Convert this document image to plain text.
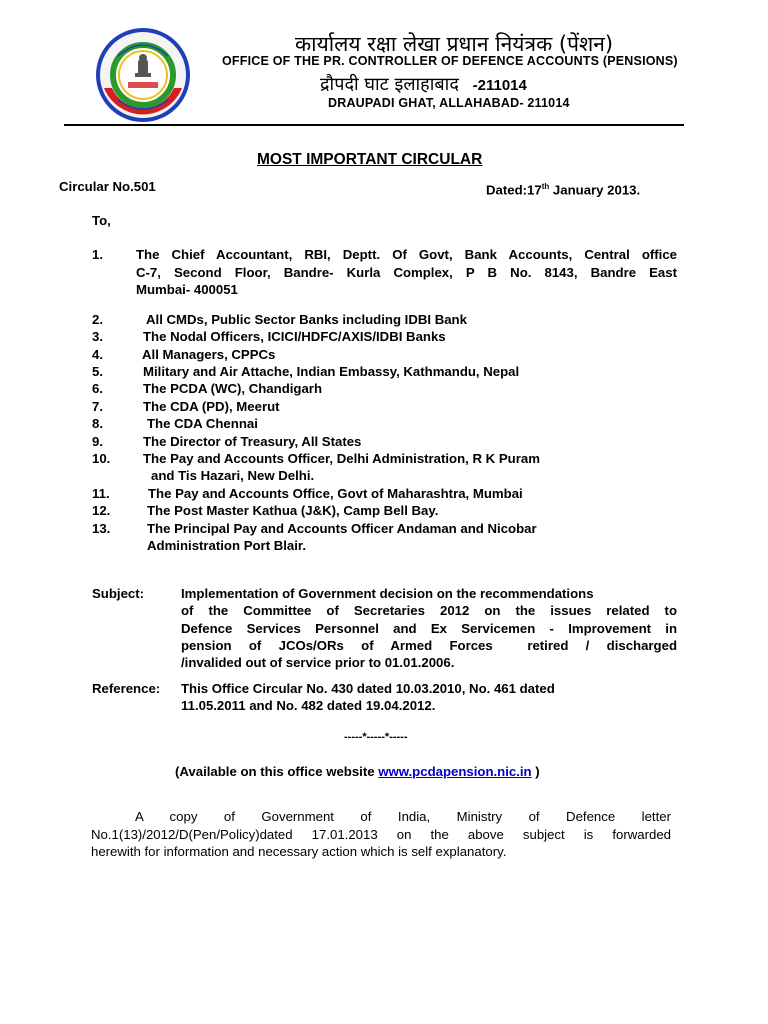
कार्यालय रक्षा लेखा प्रधान नियंत्रक (पेंशन)
OFFICE OF THE PR. CONTROLLER OF DEFENCE ACCOUNTS (PENSIONS)
द्रौपदी घाट इलाहाबाद -211014
DRAUPADI GHAT, ALLAHABAD- 211014
MOST IMPORTANT CIRCULAR
Circular No.501	Dated:17th January 2013.
To,
1.	The Chief Accountant, RBI, Deptt. Of Govt, Bank Accounts, Central office
C-7, Second Floor, Bandre- Kurla Complex, P B No. 8143, Bandre East
Mumbai- 400051
2.	All CMDs, Public Sector Banks including IDBI Bank
3.	The Nodal Officers, ICICI/HDFC/AXIS/IDBI Banks
4.	All Managers, CPPCs
5.	Military and Air Attache, Indian Embassy, Kathmandu, Nepal
6.	The PCDA (WC), Chandigarh
7.	The CDA (PD), Meerut
8.	The CDA Chennai
9.	The Director of Treasury, All States
10. The Pay and Accounts Officer, Delhi Administration, R K Puram
and Tis Hazari, New Delhi.
11.	The Pay and Accounts Office, Govt of Maharashtra, Mumbai
12.	The Post Master Kathua (J&K), Camp Bell Bay.
13.	The Principal Pay and Accounts Officer Andaman and Nicobar
Administration Port Blair.
Subject:	Implementation of Government decision on the recommendations
of the Committee of Secretaries 2012 on the issues related to
Defence Services Personnel and Ex Servicemen - Improvement in
pension  of  JCOs/ORs  of  Armed  Forces    retired  /  discharged
/invalided out of service prior to 01.01.2006.
Reference: This Office Circular No. 430 dated 10.03.2010, No. 461 dated
11.05.2011 and No. 482 dated 19.04.2012.
-----*-----*-----
(Available on this office website www.pcdapension.nic.in )
A    copy    of    Government    of    India,    Ministry    of    Defence    letter
No.1(13)/2012/D(Pen/Policy)dated  17.01.2013  on  the  above  subject  is  forwarded
herewith for information and necessary action which is self explanatory.
